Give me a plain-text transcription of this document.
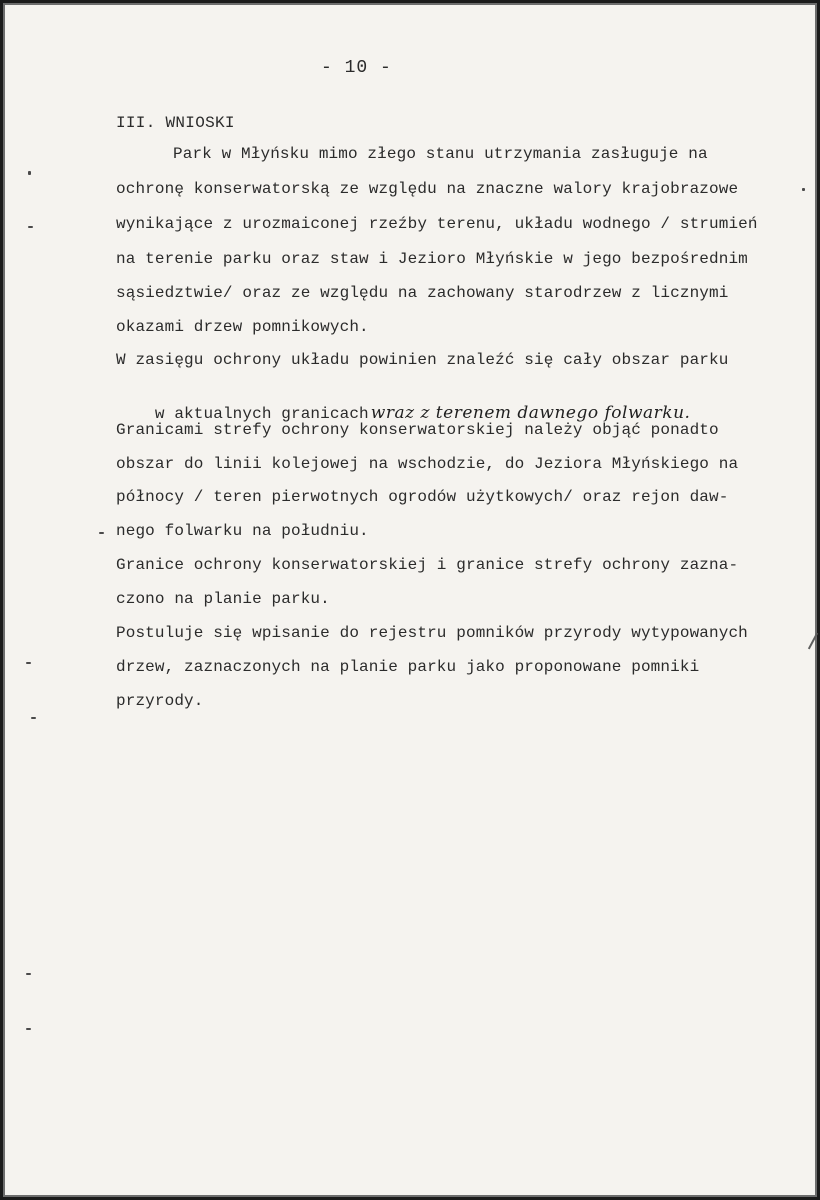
- 10 -
III. WNIOSKI
Park w Młyńsku mimo złego stanu utrzymania zasługuje na
ochronę konserwatorską ze względu na znaczne walory krajobrazowe
wynikające z urozmaiconej rzeźby terenu, układu wodnego / strumień
na terenie parku oraz staw i Jezioro Młyńskie w jego bezpośrednim
sąsiedztwie/ oraz ze względu na zachowany starodrzew z licznymi
okazami drzew pomnikowych.
W zasięgu ochrony układu powinien znaleźć się cały obszar parku

w aktualnych granicach wraz z terenem dawnego folwarku.

Granicami strefy ochrony konserwatorskiej należy objąć ponadto
obszar do linii kolejowej na wschodzie, do Jeziora Młyńskiego na
północy / teren pierwotnych ogrodów użytkowych/ oraz rejon daw-
nego folwarku na południu.
Granice ochrony konserwatorskiej i granice strefy ochrony zazna-
czono na planie parku.
Postuluje się wpisanie do rejestru pomników przyrody wytypowanych
drzew, zaznaczonych na planie parku jako proponowane pomniki
przyrody.
